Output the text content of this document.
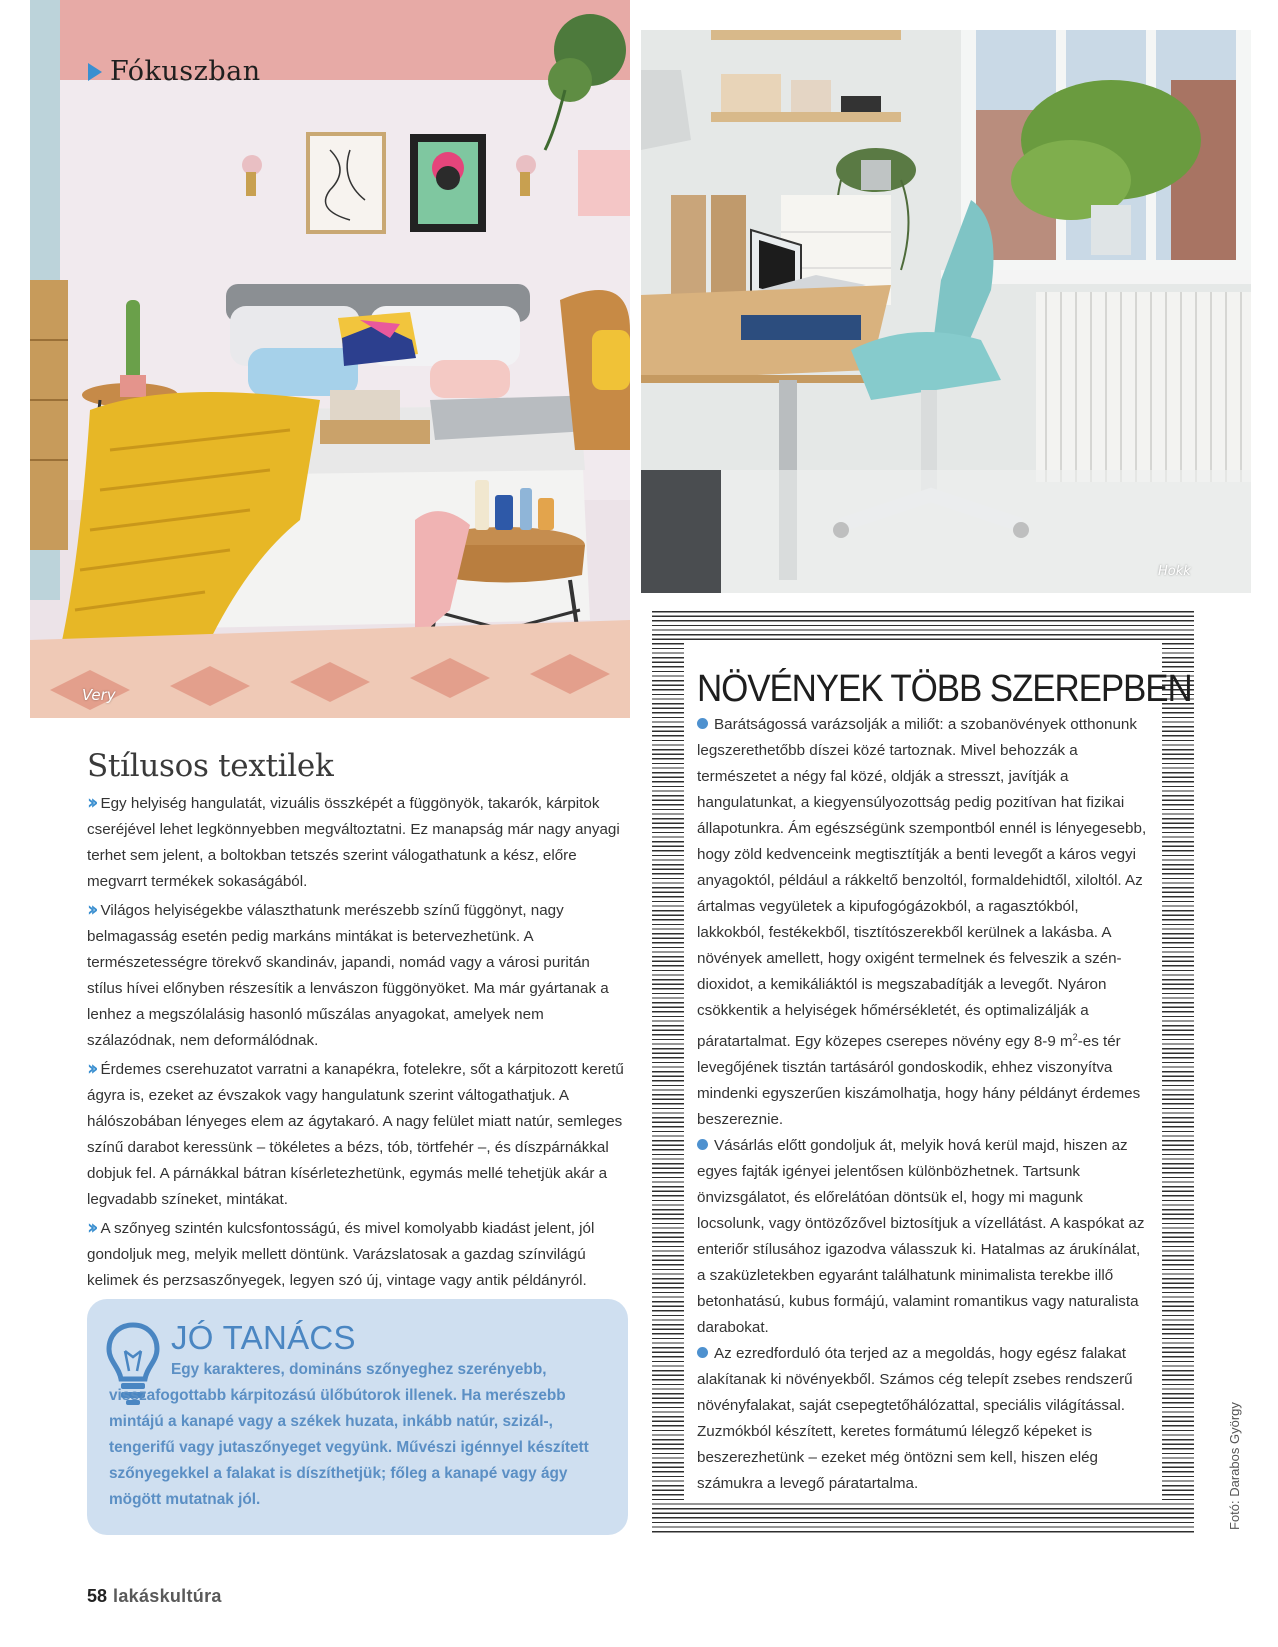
Very
Fókuszban
Hokk
Stílusos textilek

›› Egy helyiség hangulatát, vizuális összképét a függönyök, takarók, kárpitok cseréjével lehet legkönnyebben megváltoztatni. Ez manapság már nagy anyagi terhet sem jelent, a boltokban tetszés szerint válogathatunk a kész, előre megvarrt termékek sokaságából.

›› Világos helyiségekbe választhatunk merészebb színű függönyt, nagy belmagasság esetén pedig markáns mintákat is betervezhetünk. A természetességre törekvő skandináv, japandi, nomád vagy a városi puritán stílus hívei előnyben részesítik a lenvászon függönyöket. Ma már gyártanak a lenhez a megszólalásig hasonló műszálas anyagokat, amelyek nem szálazódnak, nem deformálódnak.

›› Érdemes cserehuzatot varratni a kanapékra, fotelekre, sőt a kárpitozott keretű ágyra is, ezeket az évszakok vagy hangulatunk szerint váltogathatjuk. A hálószobában lényeges elem az ágytakaró. A nagy felület miatt natúr, semleges színű darabot keressünk – tökéletes a bézs, tób, törtfehér –, és díszpárnákkal dobjuk fel. A párnákkal bátran kísérletezhetünk, egymás mellé tehetjük akár a legvadabb színeket, mintákat.

›› A szőnyeg szintén kulcsfontosságú, és mivel komolyabb kiadást jelent, jól gondoljuk meg, melyik mellett döntünk. Varázslatosak a gazdag színvilágú kelimek és perzsaszőnyegek, legyen szó új, vintage vagy antik példányról.

JÓ TANÁCS
Egy karakteres, domináns szőnyeghez szerényebb, visszafogottabb kárpitozású ülőbútorok illenek. Ha merészebb mintájú a kanapé vagy a székek huzata, inkább natúr, szizál-, tengerifű vagy jutaszőnyeget vegyünk. Művészi igénnyel készített szőnyegekkel a falakat is díszíthetjük; főleg a kanapé vagy ágy mögött mutatnak jól.
NÖVÉNYEK TÖBB SZEREPBEN

Barátságossá varázsolják a miliőt: a szobanövények otthonunk legszerethetőbb díszei közé tartoznak. Mivel behozzák a természetet a négy fal közé, oldják a stresszt, javítják a hangulatunkat, a kiegyensúlyozottság pedig pozitívan hat fizikai állapotunkra. Ám egészségünk szempontból ennél is lényegesebb, hogy zöld kedvenceink megtisztítják a benti levegőt a káros vegyi anyagoktól, például a rákkeltő benzoltól, formaldehidtől, xiloltól. Az ártalmas vegyületek a kipufogógázokból, a ragasztókból, lakkokból, festékekből, tisztítószerekből kerülnek a lakásba. A növények amellett, hogy oxigént termelnek és felveszik a szén-dioxidot, a kemikáliáktól is megszabadítják a levegőt. Nyáron csökkentik a helyiségek hőmérsékletét, és optimalizálják a páratartalmat. Egy közepes cserepes növény egy 8-9 $m^2-es$ tér levegőjének tisztán tartásáról gondoskodik, ehhez viszonyítva mindenki egyszerűen kiszámolhatja, hogy hány példányt érdemes beszereznie.

Vásárlás előtt gondoljuk át, melyik hová kerül majd, hiszen az egyes fajták igényei jelentősen különbözhetnek. Tartsunk önvizsgálatot, és előrelátóan döntsük el, hogy mi magunk locsolunk, vagy öntözőzővel biztosítjuk a vízellátást. A kaspókat az enteriőr stílusához igazodva válasszuk ki. Hatalmas az árukínálat, a szaküzletekben egyaránt találhatunk minimalista terekbe illő betonhatású, kubus formájú, valamint romantikus vagy naturalista darabokat.

Az ezredforduló óta terjed az a megoldás, hogy egész falakat alakítanak ki növényekből. Számos cég telepít zsebes rendszerű növényfalakat, saját csepegtetőhálózattal, speciális világítással. Zuzmókból készített, keretes formátumú lélegző képeket is beszerezhetünk – ezeket még öntözni sem kell, hiszen elég számukra a levegő páratartalma.	Fotó: Darabos György
58 lakáskultúra
